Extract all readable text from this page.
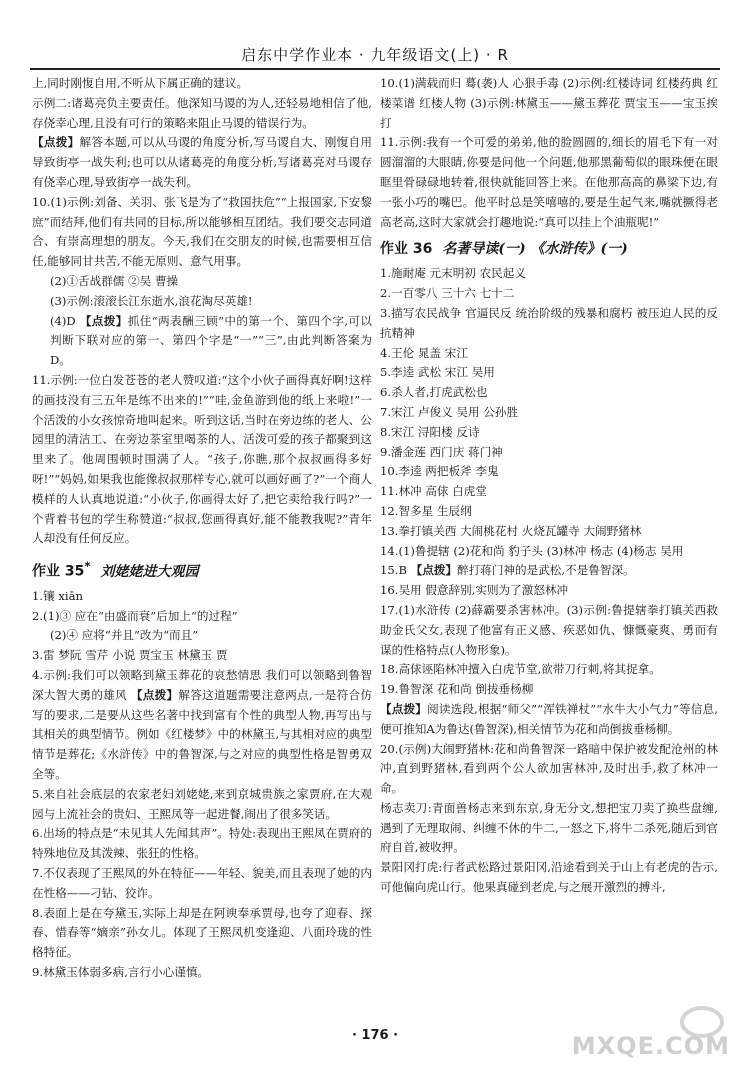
启东中学作业本 · 九年级语文(上) · R

上,同时刚愎自用,不听从下属正确的建议。

示例二:诸葛亮负主要责任。他深知马谡的为人,还轻易地相信了他,存侥幸心理,且没有可行的策略来阻止马谡的错误行为。

【点拨】解答本题,可以从马谡的角度分析,写马谡自大、刚愎自用导致街亭一战失利;也可以从诸葛亮的角度分析,写诸葛亮对马谡存有侥幸心理,导致街亭一战失利。

10.(1)示例:刘备、关羽、张飞是为了“救国扶危”“上报国家,下安黎庶”而结拜,他们有共同的目标,所以能够相互团结。我们要交志同道合、有崇高理想的朋友。今天,我们在交朋友的时候,也需要相互信任,能够同甘共苦,不能无原则、意气用事。

(2)①舌战群儒 ②吴 曹操

(3)示例:滚滚长江东逝水,浪花淘尽英雄!

(4)D 【点拨】抓住“两表酬三顾”中的第一个、第四个字,可以判断下联对应的第一、第四个字是“一”“三”,由此判断答案为D。

11.示例:一位白发苍苍的老人赞叹道:“这个小伙子画得真好啊!这样的画技没有三五年是练不出来的!”“哇,金鱼游到他的纸上来啦!”一个活泼的小女孩惊奇地叫起来。听到这话,当时在旁边练的老人、公园里的清洁工、在旁边茶室里喝茶的人、活泼可爱的孩子都聚到这里来了。他周围顿时围满了人。“孩子,你瞧,那个叔叔画得多好呀!”“妈妈,如果我也能像叔叔那样专心,就可以画好画了?”一个商人模样的人认真地说道:“小伙子,你画得太好了,把它卖给我行吗?”一个背着书包的学生称赞道:“叔叔,您画得真好,能不能教我呢?”青年人却没有任何反应。

作业 35* 刘姥姥进大观园

1.镶 xiān

2.(1)③ 应在“由盛而衰”后加上“的过程”

(2)④ 应将“并且”改为“而且”

3.雷 梦阮 雪芹 小说 贾宝玉 林黛玉 贾

4.示例:我们可以领略到黛玉葬花的哀愁情思 我们可以领略到鲁智深大智大勇的雄风 【点拨】解答这道题需要注意两点,一是符合仿写的要求,二是要从这些名著中找到富有个性的典型人物,再写出与其相关的典型情节。例如《红楼梦》中的林黛玉,与其相对应的典型情节是葬花;《水浒传》中的鲁智深,与之对应的典型性格是智勇双全等。

5.来自社会底层的农家老妇刘姥姥,来到京城贵族之家贾府,在大观园与上流社会的贵妇、王熙凤等一起进餐,闹出了很多笑话。

6.出场的特点是“未见其人先闻其声”。特处:表现出王熙凤在贾府的特殊地位及其泼辣、张狂的性格。

7.不仅表现了王熙凤的外在特征——年轻、貌美,而且表现了她的内在性格——刁钻、狡诈。

8.表面上是在夸黛玉,实际上却是在阿谀奉承贾母,也夸了迎春、探春、惜春等“嫡亲”孙女儿。体现了王熙凤机变逢迎、八面玲珑的性格特征。

9.林黛玉体弱多病,言行小心谨慎。

10.(1)满载而归 蓦(袭)人 心狠手毒 (2)示例:红楼诗词 红楼药典 红楼菜谱 红楼人物 (3)示例:林黛玉——黛玉葬花 贾宝玉——宝玉挨打

11.示例:我有一个可爱的弟弟,他的脸圆圆的,细长的眉毛下有一对圆溜溜的大眼睛,你要是问他一个问题,他那黑葡萄似的眼珠便在眼眶里骨碌碌地转着,很快就能回答上来。在他那高高的鼻梁下边,有一张小巧的嘴巴。他平时总是笑嘻嘻的,要是生起气来,嘴就撅得老高老高,这时大家就会打趣地说:“真可以挂上个油瓶呢!”

作业 36 名著导读(一) 《水浒传》(一)

1.施耐庵 元末明初 农民起义

2.一百零八 三十六 七十二

3.描写农民战争 官逼民反 统治阶级的残暴和腐朽 被压迫人民的反抗精神

4.王伦 晁盖 宋江

5.李逵 武松 宋江 吴用

6.杀人者,打虎武松也

7.宋江 卢俊义 吴用 公孙胜

8.宋江 浔阳楼 反诗

9.潘金莲 西门庆 蒋门神

10.李逵 两把板斧 李鬼

11.林冲 高俅 白虎堂

12.智多星 生辰纲

13.拳打镇关西 大闹桃花村 火烧瓦罐寺 大闹野猪林

14.(1)鲁提辖 (2)花和尚 豹子头 (3)林冲 杨志 (4)杨志 吴用

15.B 【点拨】醉打蒋门神的是武松,不是鲁智深。

16.吴用 假意辞别,实则为了激怒林冲

17.(1)水浒传 (2)薛霸要杀害林冲。(3)示例:鲁提辖拳打镇关西救助金氏父女,表现了他富有正义感、疾恶如仇、慷慨豪爽、勇而有谋的性格特点(人物形象)。

18.高俅诬陷林冲擅入白虎节堂,欲带刀行刺,将其捉拿。

19.鲁智深 花和尚 倒拔垂杨柳

【点拨】阅读选段,根据“师父”“浑铁禅杖”“水牛大小气力”等信息,便可推知A为鲁达(鲁智深),相关情节为花和尚倒拔垂杨柳。

20.(示例)大闹野猪林:花和尚鲁智深一路暗中保护被发配沧州的林冲,直到野猪林,看到两个公人欲加害林冲,及时出手,救了林冲一命。

杨志卖刀:青面兽杨志来到东京,身无分文,想把宝刀卖了换些盘缠,遇到了无理取闹、纠缠不休的牛二,一怒之下,将牛二杀死,随后到官府自首,被收押。

景阳冈打虎:行者武松路过景阳冈,沿途看到关于山上有老虎的告示,可他偏向虎山行。他果真碰到老虎,与之展开激烈的搏斗,

· 176 ·	MXQE.COM
